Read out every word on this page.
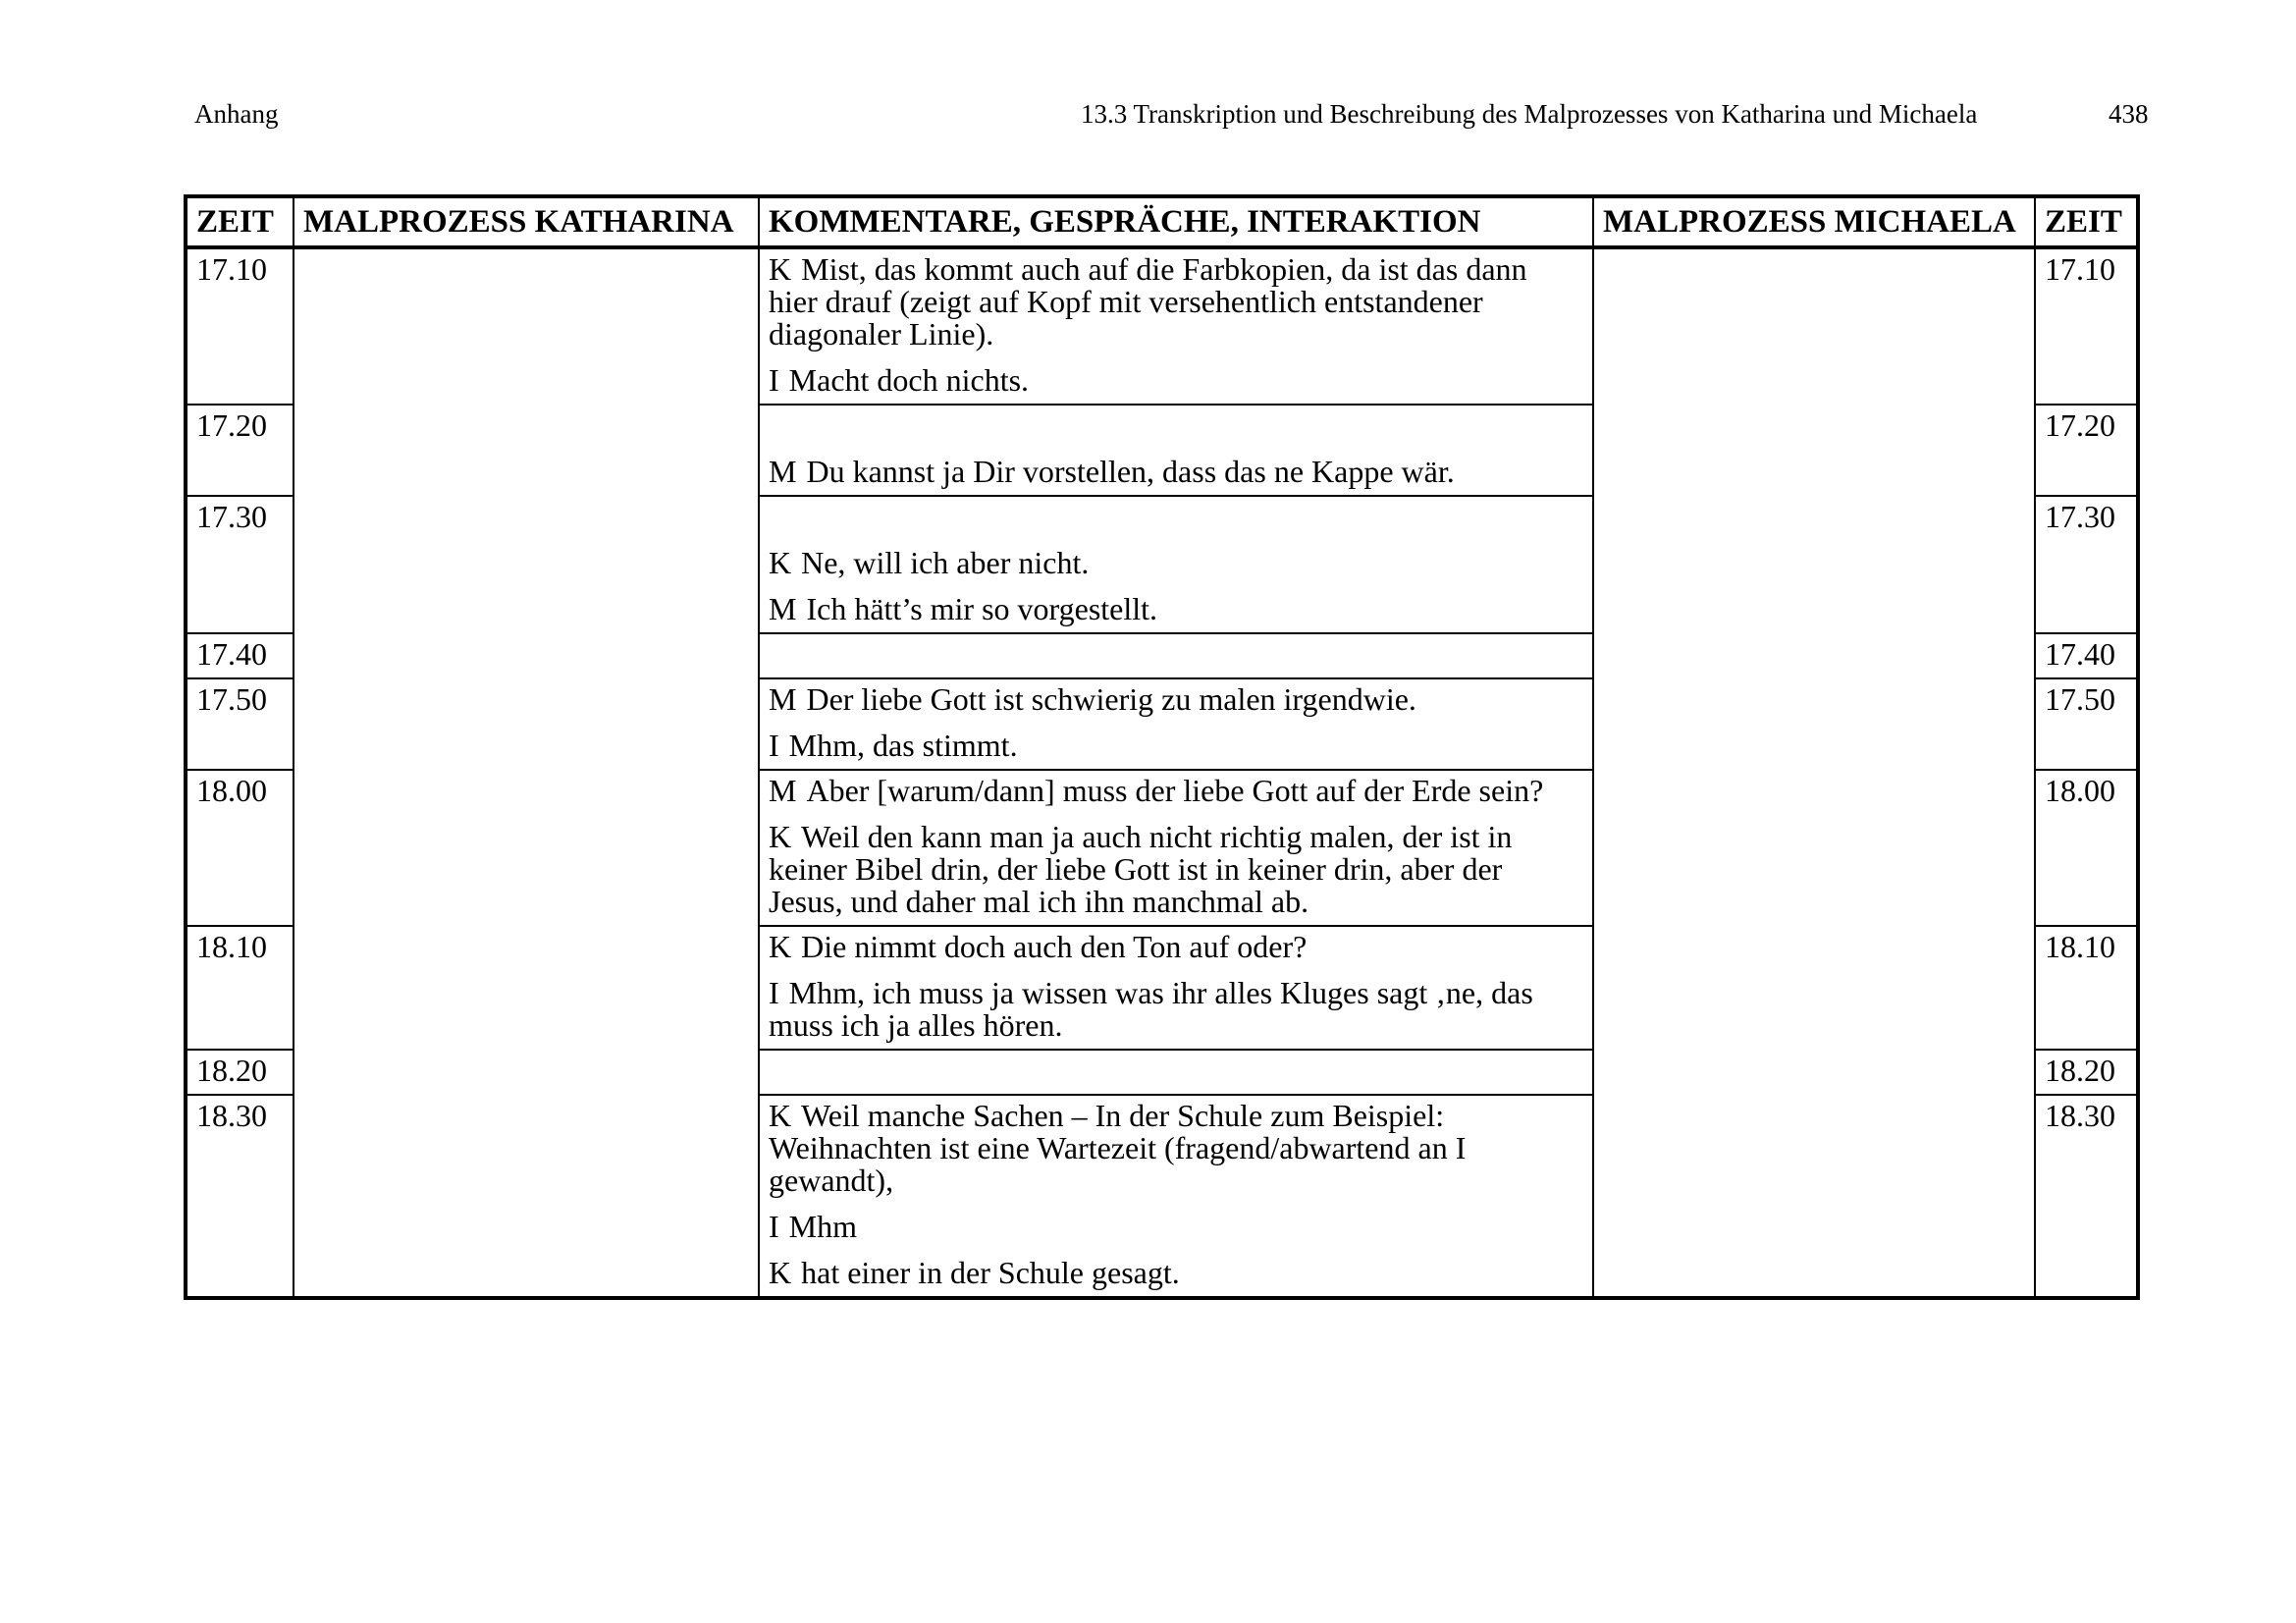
Anhang	13.3 Transkription und Beschreibung des Malprozesses von Katharina und Michaela	438
ZEIT	MALPROZESS KATHARINA	KOMMENTARE, GESPRÄCHE, INTERAKTION	MALPROZESS MICHAELA	ZEIT
17.10		K Mist, das kommt auch auf die Farbkopien, da ist das dann hier drauf (zeigt auf Kopf mit versehentlich entstandener diagonaler Linie).

I Macht doch nichts.		17.10
17.20		M Du kannst ja Dir vorstellen, dass das ne Kappe wär.		17.20
17.30		K Ne, will ich aber nicht.

M Ich hätt’s mir so vorgestellt.		17.30
17.40				17.40
17.50		M Der liebe Gott ist schwierig zu malen irgendwie.

I Mhm, das stimmt.		17.50
18.00		M Aber [warum/dann] muss der liebe Gott auf der Erde sein?

K Weil den kann man ja auch nicht richtig malen, der ist in keiner Bibel drin, der liebe Gott ist in keiner drin, aber der Jesus, und daher mal ich ihn manchmal ab.		18.00
18.10		K Die nimmt doch auch den Ton auf oder?

I Mhm, ich muss ja wissen was ihr alles Kluges sagt ‚ne, das muss ich ja alles hören.		18.10
18.20				18.20
18.30		K Weil manche Sachen – In der Schule zum Beispiel: Weihnachten ist eine Wartezeit (fragend/abwartend an I gewandt),

I Mhm

K hat einer in der Schule gesagt.		18.30
